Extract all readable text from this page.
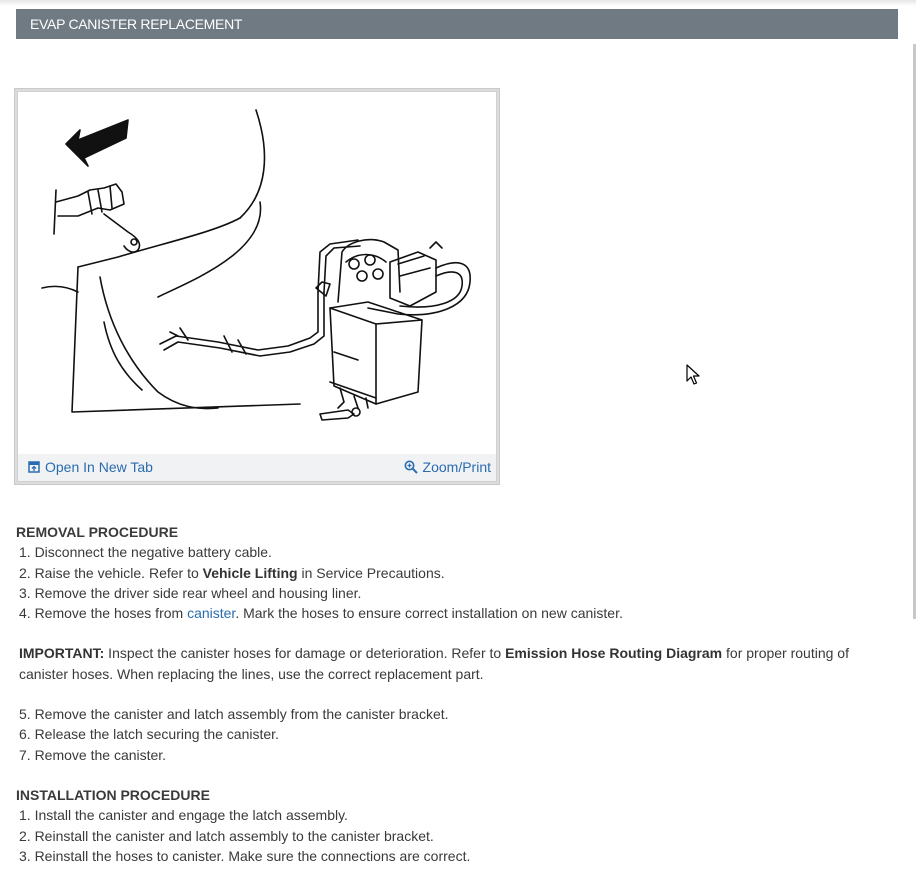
EVAP CANISTER REPLACEMENT
Open In New Tab	Zoom/Print

REMOVAL PROCEDURE

1. Disconnect the negative battery cable.

2. Raise the vehicle. Refer to Vehicle Lifting in Service Precautions.

3. Remove the driver side rear wheel and housing liner.

4. Remove the hoses from canister. Mark the hoses to ensure correct installation on new canister.

IMPORTANT: Inspect the canister hoses for damage or deterioration. Refer to Emission Hose Routing Diagram for proper routing of canister hoses. When replacing the lines, use the correct replacement part.

5. Remove the canister and latch assembly from the canister bracket.

6. Release the latch securing the canister.

7. Remove the canister.

INSTALLATION PROCEDURE

1. Install the canister and engage the latch assembly.

2. Reinstall the canister and latch assembly to the canister bracket.

3. Reinstall the hoses to canister. Make sure the connections are correct.
